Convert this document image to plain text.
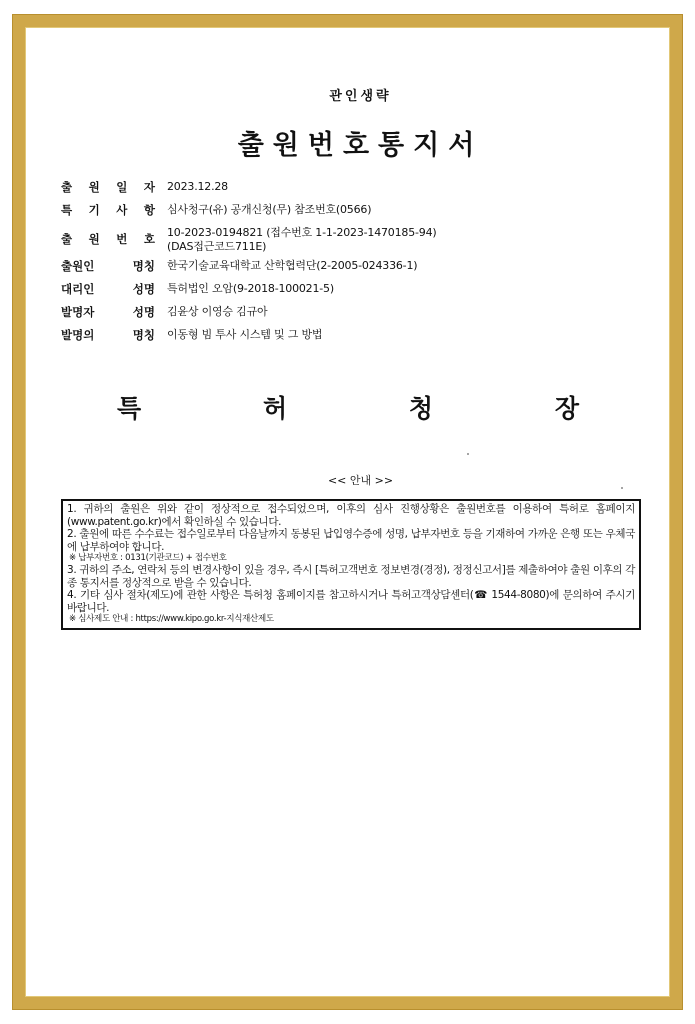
관인생략
출원번호통지서
출 원 일 자	2023.12.28
특 기 사 항	심사청구(유) 공개신청(무) 참조번호(0566)
출 원 번 호	10-2023-0194821 (접수번호 1-1-2023-1470185-94)
(DAS접근코드711E)
출원인 명칭	한국기술교육대학교 산학협력단(2-2005-024336-1)
대리인 성명	특허법인 오암(9-2018-100021-5)
발명자 성명	김윤상 이영승 김규아
발명의 명칭	이동형 빔 투사 시스템 및 그 방법
특	허	청	장
<< 안내 >>

1. 귀하의 출원은 위와 같이 정상적으로 접수되었으며, 이후의 심사 진행상황은 출원번호를 이용하여 특허로 홈페이지(www.patent.go.kr)에서 확인하실 수 있습니다.

2. 출원에 따른 수수료는 접수일로부터 다음날까지 동봉된 납입영수증에 성명, 납부자번호 등을 기재하여 가까운 은행 또는 우체국에 납부하여야 합니다.

※ 납부자번호 : 0131(기관코드) + 접수번호

3. 귀하의 주소, 연락처 등의 변경사항이 있을 경우, 즉시 [특허고객번호 정보변경(경정), 정정신고서]를 제출하여야 출원 이후의 각종 통지서를 정상적으로 받을 수 있습니다.

4. 기타 심사 절차(제도)에 관한 사항은 특허청 홈페이지를 참고하시거나 특허고객상담센터(☎ 1544-8080)에 문의하여 주시기 바랍니다.

※ 심사제도 안내 : https://www.kipo.go.kr-지식재산제도
